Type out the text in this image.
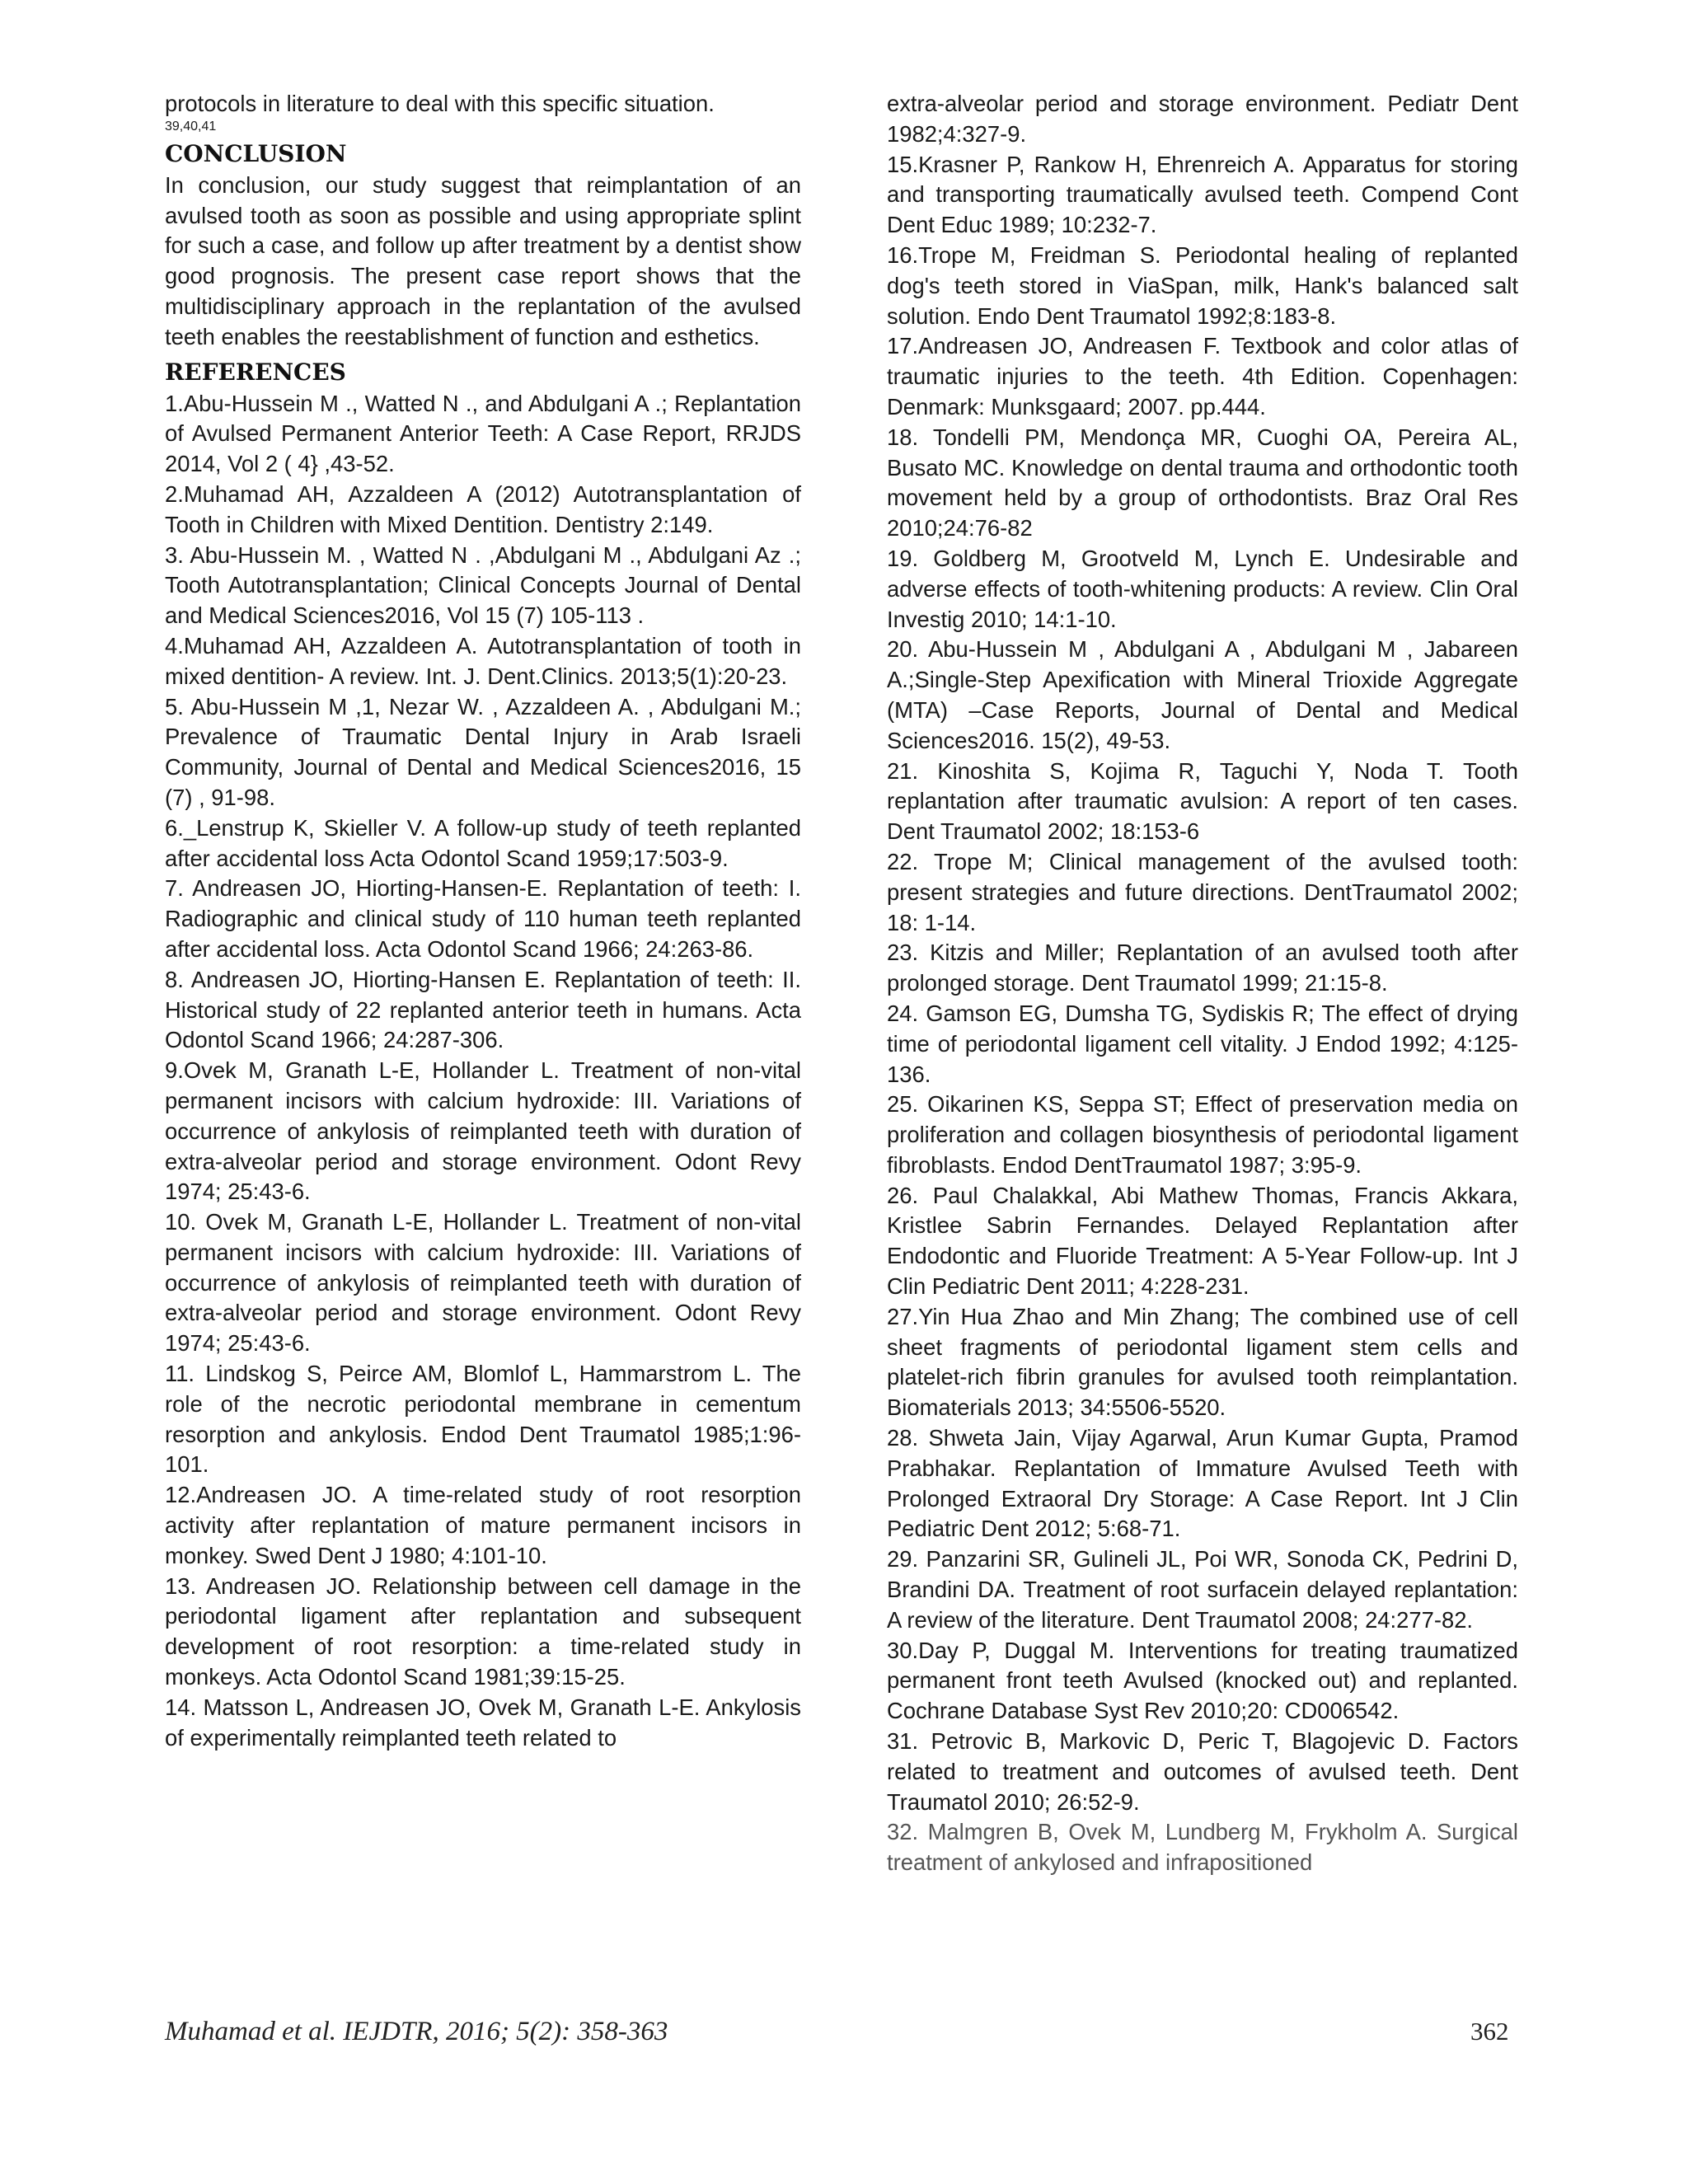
protocols in literature to deal with this specific situation.

39,40,41
CONCLUSION

In conclusion, our study suggest that reimplantation of an avulsed tooth as soon as possible and using appropriate splint for such a case, and follow up after treatment by a dentist show good prognosis. The present case report shows that the multidisciplinary approach in the replantation of the avulsed teeth enables the reestablishment of function and esthetics.

REFERENCES

1.Abu-Hussein M ., Watted N ., and Abdulgani A .; Replantation of Avulsed Permanent Anterior Teeth: A Case Report, RRJDS 2014, Vol 2 ( 4} ,43-52.

2.Muhamad AH, Azzaldeen A (2012) Autotransplantation of Tooth in Children with Mixed Dentition. Dentistry 2:149.

3. Abu-Hussein M. , Watted N . ,Abdulgani M ., Abdulgani Az .; Tooth Autotransplantation; Clinical Concepts Journal of Dental and Medical Sciences2016, Vol 15 (7) 105-113 .

4.Muhamad AH, Azzaldeen A. Autotransplantation of tooth in mixed dentition- A review. Int. J. Dent.Clinics. 2013;5(1):20-23.

5. Abu-Hussein M ,1, Nezar W. , Azzaldeen A. , Abdulgani M.; Prevalence of Traumatic Dental Injury in Arab Israeli Community, Journal of Dental and Medical Sciences2016, 15 (7) , 91-98.

6._Lenstrup K, Skieller V. A follow-up study of teeth replanted after accidental loss Acta Odontol Scand 1959;17:503-9.

7. Andreasen JO, Hiorting-Hansen-E. Replantation of teeth: I. Radiographic and clinical study of 110 human teeth replanted after accidental loss. Acta Odontol Scand 1966; 24:263-86.

8. Andreasen JO, Hiorting-Hansen E. Replantation of teeth: II. Historical study of 22 replanted anterior teeth in humans. Acta Odontol Scand 1966; 24:287-306.

9.Ovek M, Granath L-E, Hollander L. Treatment of non-vital permanent incisors with calcium hydroxide: III. Variations of occurrence of ankylosis of reimplanted teeth with duration of extra-alveolar period and storage environment. Odont Revy 1974; 25:43-6.

10. Ovek M, Granath L-E, Hollander L. Treatment of non-vital permanent incisors with calcium hydroxide: III. Variations of occurrence of ankylosis of reimplanted teeth with duration of extra-alveolar period and storage environment. Odont Revy 1974; 25:43-6.

11. Lindskog S, Peirce AM, Blomlof L, Hammarstrom L. The role of the necrotic periodontal membrane in cementum resorption and ankylosis. Endod Dent Traumatol 1985;1:96-101.

12.Andreasen JO. A time-related study of root resorption activity after replantation of mature permanent incisors in monkey. Swed Dent J 1980; 4:101-10.

13. Andreasen JO. Relationship between cell damage in the periodontal ligament after replantation and subsequent development of root resorption: a time-related study in monkeys. Acta Odontol Scand 1981;39:15-25.

14. Matsson L, Andreasen JO, Ovek M, Granath L-E. Ankylosis of experimentally reimplanted teeth related to

extra-alveolar period and storage environment. Pediatr Dent 1982;4:327-9.

15.Krasner P, Rankow H, Ehrenreich A. Apparatus for storing and transporting traumatically avulsed teeth. Compend Cont Dent Educ 1989; 10:232-7.

16.Trope M, Freidman S. Periodontal healing of replanted dog's teeth stored in ViaSpan, milk, Hank's balanced salt solution. Endo Dent Traumatol 1992;8:183-8.

17.Andreasen JO, Andreasen F. Textbook and color atlas of traumatic injuries to the teeth. 4th Edition. Copenhagen: Denmark: Munksgaard; 2007. pp.444.

18. Tondelli PM, Mendonça MR, Cuoghi OA, Pereira AL, Busato MC. Knowledge on dental trauma and orthodontic tooth movement held by a group of orthodontists. Braz Oral Res 2010;24:76-82

19. Goldberg M, Grootveld M, Lynch E. Undesirable and adverse effects of tooth-whitening products: A review. Clin Oral Investig 2010; 14:1-10.

20. Abu-Hussein M , Abdulgani A , Abdulgani M , Jabareen A.;Single-Step Apexification with Mineral Trioxide Aggregate (MTA) –Case Reports, Journal of Dental and Medical Sciences2016. 15(2), 49-53.

21. Kinoshita S, Kojima R, Taguchi Y, Noda T. Tooth replantation after traumatic avulsion: A report of ten cases. Dent Traumatol 2002; 18:153-6

22. Trope M; Clinical management of the avulsed tooth: present strategies and future directions. DentTraumatol 2002; 18: 1-14.

23. Kitzis and Miller; Replantation of an avulsed tooth after prolonged storage. Dent Traumatol 1999; 21:15-8.

24. Gamson EG, Dumsha TG, Sydiskis R; The effect of drying time of periodontal ligament cell vitality. J Endod 1992; 4:125-136.

25. Oikarinen KS, Seppa ST; Effect of preservation media on proliferation and collagen biosynthesis of periodontal ligament fibroblasts. Endod DentTraumatol 1987; 3:95-9.

26. Paul Chalakkal, Abi Mathew Thomas, Francis Akkara, Kristlee Sabrin Fernandes. Delayed Replantation after Endodontic and Fluoride Treatment: A 5-Year Follow-up. Int J Clin Pediatric Dent 2011; 4:228-231.

27.Yin Hua Zhao and Min Zhang; The combined use of cell sheet fragments of periodontal ligament stem cells and platelet-rich fibrin granules for avulsed tooth reimplantation. Biomaterials 2013; 34:5506-5520.

28. Shweta Jain, Vijay Agarwal, Arun Kumar Gupta, Pramod Prabhakar. Replantation of Immature Avulsed Teeth with Prolonged Extraoral Dry Storage: A Case Report. Int J Clin Pediatric Dent 2012; 5:68-71.

29. Panzarini SR, Gulineli JL, Poi WR, Sonoda CK, Pedrini D, Brandini DA. Treatment of root surfacein delayed replantation: A review of the literature. Dent Traumatol 2008; 24:277-82.

30.Day P, Duggal M. Interventions for treating traumatized permanent front teeth Avulsed (knocked out) and replanted. Cochrane Database Syst Rev 2010;20: CD006542.

31. Petrovic B, Markovic D, Peric T, Blagojevic D. Factors related to treatment and outcomes of avulsed teeth. Dent Traumatol 2010; 26:52-9.

32. Malmgren B, Ovek M, Lundberg M, Frykholm A. Surgical treatment of ankylosed and infrapositioned

Muhamad et al. IEJDTR, 2016; 5(2): 358-363	362
